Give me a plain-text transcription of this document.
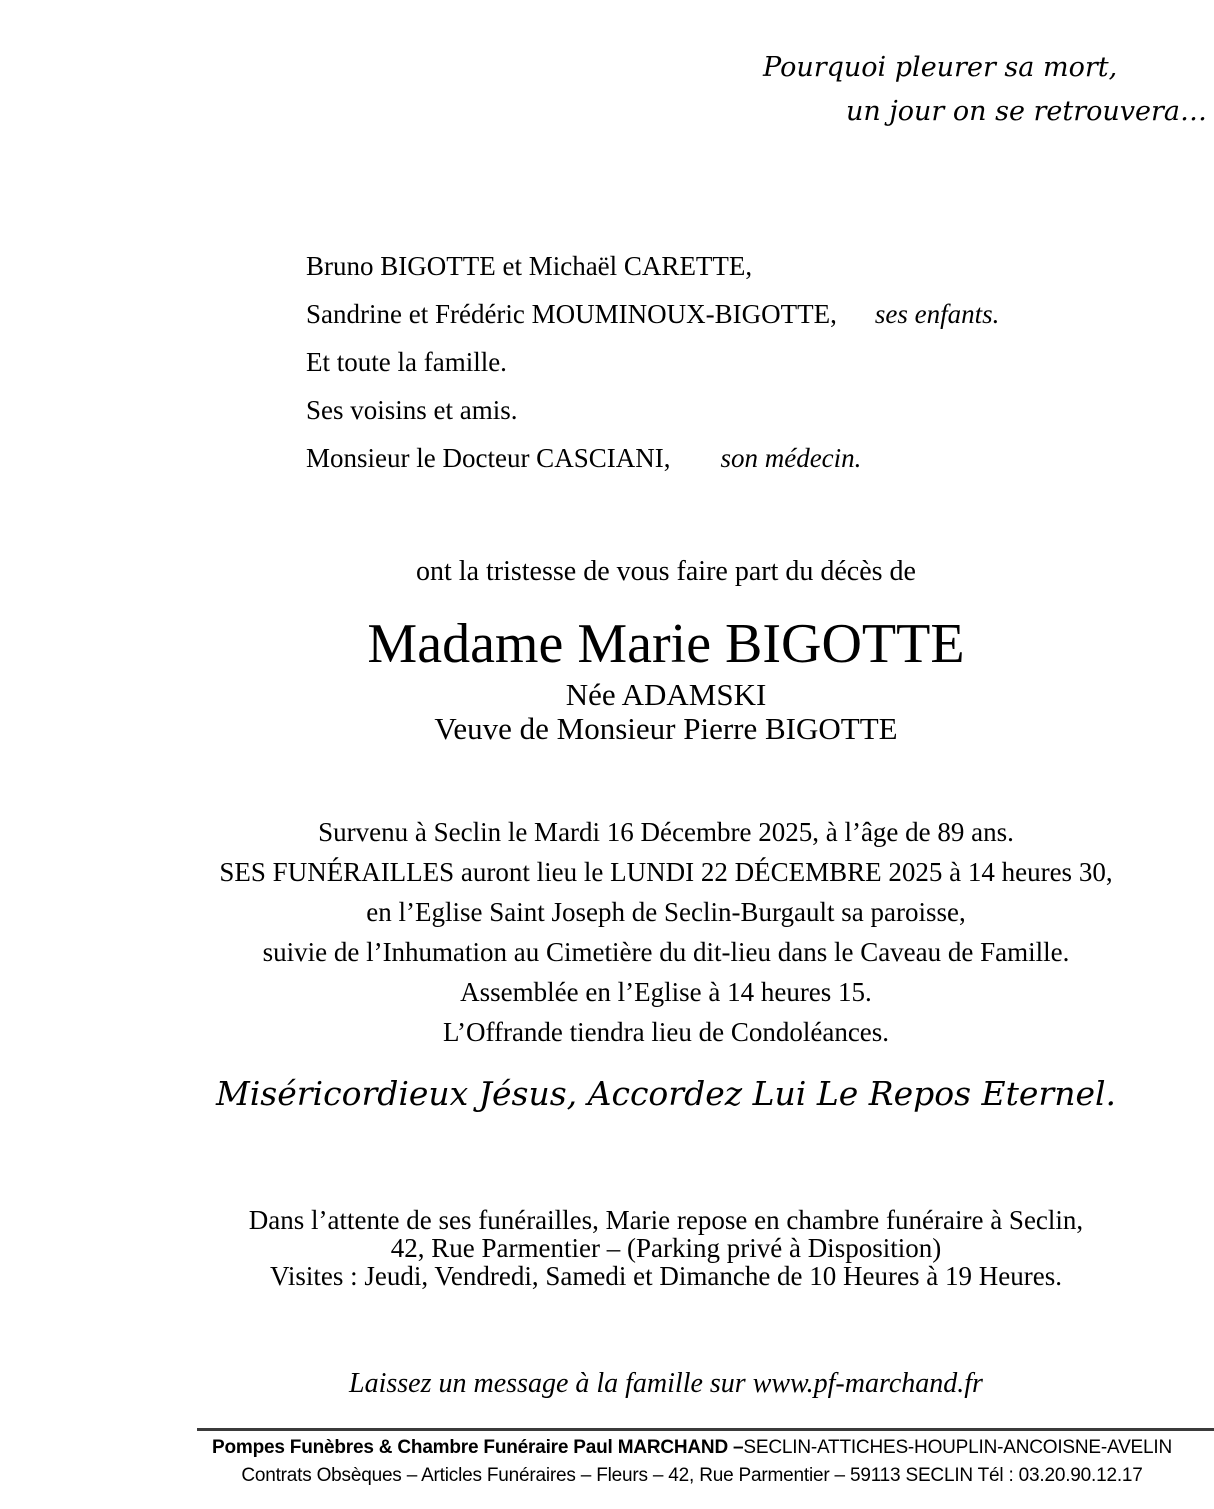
Pourquoi pleurer sa mort,
un jour on se retrouvera…
Bruno BIGOTTE et Michaël CARETTE,
Sandrine et Frédéric MOUMINOUX-BIGOTTE, ses enfants.
Et toute la famille.
Ses voisins et amis.
Monsieur le Docteur CASCIANI, son médecin.
ont la tristesse de vous faire part du décès de
Madame Marie BIGOTTE
Née ADAMSKI
Veuve de Monsieur Pierre BIGOTTE
Survenu à Seclin le Mardi 16 Décembre 2025, à l’âge de 89 ans.
SES FUNÉRAILLES auront lieu le LUNDI 22 DÉCEMBRE 2025 à 14 heures 30,
en l’Eglise Saint Joseph de Seclin-Burgault sa paroisse,
suivie de l’Inhumation au Cimetière du dit-lieu dans le Caveau de Famille.
Assemblée en l’Eglise à 14 heures 15.
L’Offrande tiendra lieu de Condoléances.
Miséricordieux Jésus, Accordez Lui Le Repos Eternel.
Dans l’attente de ses funérailles, Marie repose en chambre funéraire à Seclin,
42, Rue Parmentier – (Parking privé à Disposition)
Visites : Jeudi, Vendredi, Samedi et Dimanche de 10 Heures à 19 Heures.
Laissez un message à la famille sur www.pf-marchand.fr
Pompes Funèbres & Chambre Funéraire Paul MARCHAND –SECLIN-ATTICHES-HOUPLIN-ANCOISNE-AVELIN
Contrats Obsèques – Articles Funéraires – Fleurs – 42, Rue Parmentier – 59113 SECLIN Tél : 03.20.90.12.17
